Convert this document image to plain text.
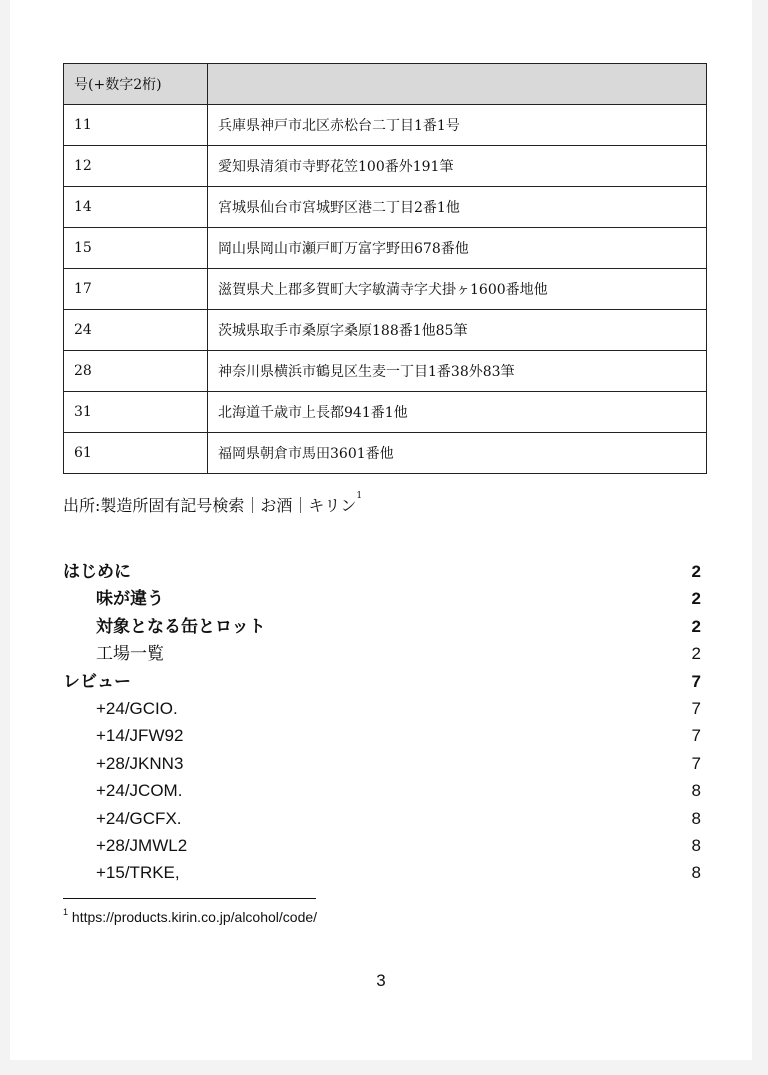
号(+数字2桁)	
11	兵庫県神戸市北区赤松台二丁目1番1号
12	愛知県清須市寺野花笠100番外191筆
14	宮城県仙台市宮城野区港二丁目2番1他
15	岡山県岡山市瀬戸町万富字野田678番他
17	滋賀県犬上郡多賀町大字敏満寺字犬掛ヶ1600番地他
24	茨城県取手市桑原字桑原188番1他85筆
28	神奈川県横浜市鶴見区生麦一丁目1番38外83筆
31	北海道千歳市上長都941番1他
61	福岡県朝倉市馬田3601番他
出所:製造所固有記号検索｜お酒｜キリン$^1$
はじめに	2
味が違う	2
対象となる缶とロット	2
工場一覧	2
レビュー	7
+24/GCIO.	7
+14/JFW92	7
+28/JKNN3	7
+24/JCOM.	8
+24/GCFX.	8
+28/JMWL2	8
+15/TRKE,	8
$^1$ https://products.kirin.co.jp/alcohol/code/
3
